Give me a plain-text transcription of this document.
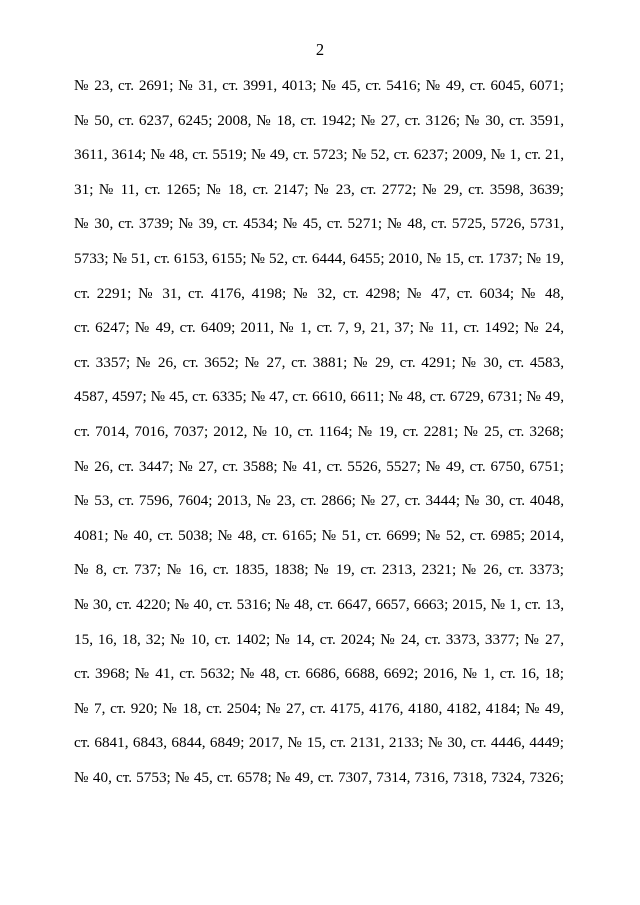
2
№ 23, ст. 2691; № 31, ст. 3991, 4013; № 45, ст. 5416; № 49, ст. 6045, 6071;
№ 50, ст. 6237, 6245; 2008, № 18, ст. 1942; № 27, ст. 3126; № 30, ст. 3591,
3611, 3614; № 48, ст. 5519; № 49, ст. 5723; № 52, ст. 6237; 2009, № 1, ст. 21,
31; № 11, ст. 1265; № 18, ст. 2147; № 23, ст. 2772; № 29, ст. 3598, 3639;
№ 30, ст. 3739; № 39, ст. 4534; № 45, ст. 5271; № 48, ст. 5725, 5726, 5731,
5733; № 51, ст. 6153, 6155; № 52, ст. 6444, 6455; 2010, № 15, ст. 1737; № 19,
ст. 2291; № 31, ст. 4176, 4198; № 32, ст. 4298; № 47, ст. 6034; № 48,
ст. 6247; № 49, ст. 6409; 2011, № 1, ст. 7, 9, 21, 37; № 11, ст. 1492; № 24,
ст. 3357; № 26, ст. 3652; № 27, ст. 3881; № 29, ст. 4291; № 30, ст. 4583,
4587, 4597; № 45, ст. 6335; № 47, ст. 6610, 6611; № 48, ст. 6729, 6731; № 49,
ст. 7014, 7016, 7037; 2012, № 10, ст. 1164; № 19, ст. 2281; № 25, ст. 3268;
№ 26, ст. 3447; № 27, ст. 3588; № 41, ст. 5526, 5527; № 49, ст. 6750, 6751;
№ 53, ст. 7596, 7604; 2013, № 23, ст. 2866; № 27, ст. 3444; № 30, ст. 4048,
4081; № 40, ст. 5038; № 48, ст. 6165; № 51, ст. 6699; № 52, ст. 6985; 2014,
№ 8, ст. 737; № 16, ст. 1835, 1838; № 19, ст. 2313, 2321; № 26, ст. 3373;
№ 30, ст. 4220; № 40, ст. 5316; № 48, ст. 6647, 6657, 6663; 2015, № 1, ст. 13,
15, 16, 18, 32; № 10, ст. 1402; № 14, ст. 2024; № 24, ст. 3373, 3377; № 27,
ст. 3968; № 41, ст. 5632; № 48, ст. 6686, 6688, 6692; 2016, № 1, ст. 16, 18;
№ 7, ст. 920; № 18, ст. 2504; № 27, ст. 4175, 4176, 4180, 4182, 4184; № 49,
ст. 6841, 6843, 6844, 6849; 2017, № 15, ст. 2131, 2133; № 30, ст. 4446, 4449;
№ 40, ст. 5753; № 45, ст. 6578; № 49, ст. 7307, 7314, 7316, 7318, 7324, 7326;
